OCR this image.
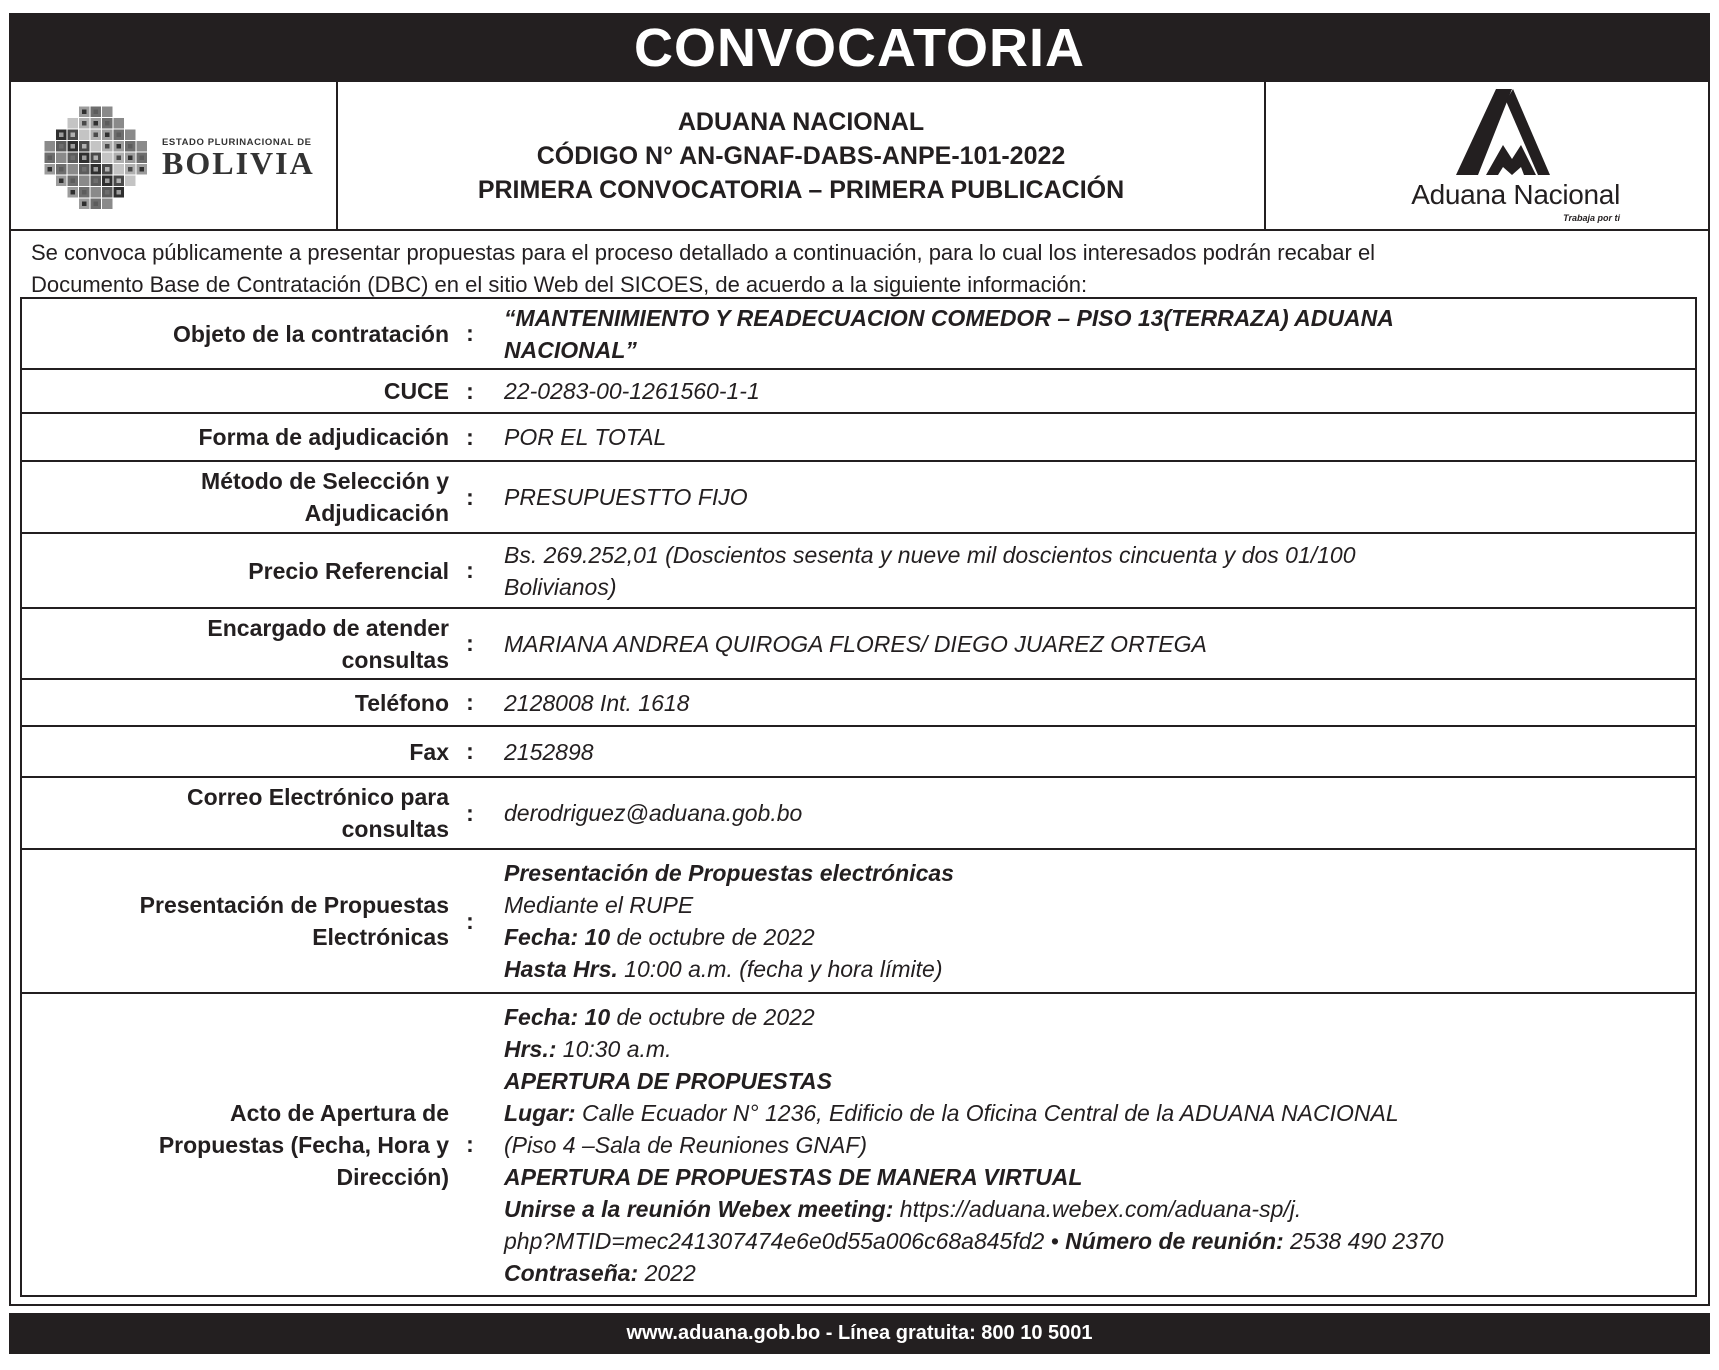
CONVOCATORIA
ESTADO PLURINACIONAL DE
BOLIVIA
ADUANA NACIONAL
CÓDIGO N° AN-GNAF-DABS-ANPE-101-2022
PRIMERA CONVOCATORIA – PRIMERA PUBLICACIÓN	Aduana Nacional
Trabaja por ti
Se convoca públicamente a presentar propuestas para el proceso detallado a continuación, para lo cual los interesados podrán recabar el
Documento Base de Contratación (DBC) en el sitio Web del SICOES, de acuerdo a la siguiente información:
Objeto de la contratación :
“MANTENIMIENTO Y READECUACION COMEDOR – PISO 13(TERRAZA) ADUANA
NACIONAL”
CUCE :	22-0283-00-1261560-1-1
Forma de adjudicación :	POR EL TOTAL
Método de Selección y
Adjudicación
:	PRESUPUESTTO FIJO
Precio Referencial :
Bs. 269.252,01 (Doscientos sesenta y nueve mil doscientos cincuenta y dos 01/100
Bolivianos)
Encargado de atender
consultas
:	MARIANA ANDREA QUIROGA FLORES/ DIEGO JUAREZ ORTEGA
Teléfono :	2128008 Int. 1618
Fax :	2152898
Correo Electrónico para
consultas
:	derodriguez@aduana.gob.bo
Presentación de Propuestas
Electrónicas
:
Presentación de Propuestas electrónicas
Mediante el RUPE
Fecha: 10 de octubre de 2022
Hasta Hrs. 10:00 a.m. (fecha y hora límite)
Acto de Apertura de
Propuestas (Fecha, Hora y
Dirección)
:
Fecha: 10 de octubre de 2022
Hrs.: 10:30 a.m.
APERTURA DE PROPUESTAS
Lugar: Calle Ecuador N° 1236, Edificio de la Oficina Central de la ADUANA NACIONAL
(Piso 4 –Sala de Reuniones GNAF)
APERTURA DE PROPUESTAS DE MANERA VIRTUAL
Unirse a la reunión Webex meeting: https://aduana.webex.com/aduana-sp/j.
php?MTID=mec241307474e6e0d55a006c68a845fd2 • Número de reunión: 2538 490 2370
Contraseña: 2022
www.aduana.gob.bo - Línea gratuita: 800 10 5001
